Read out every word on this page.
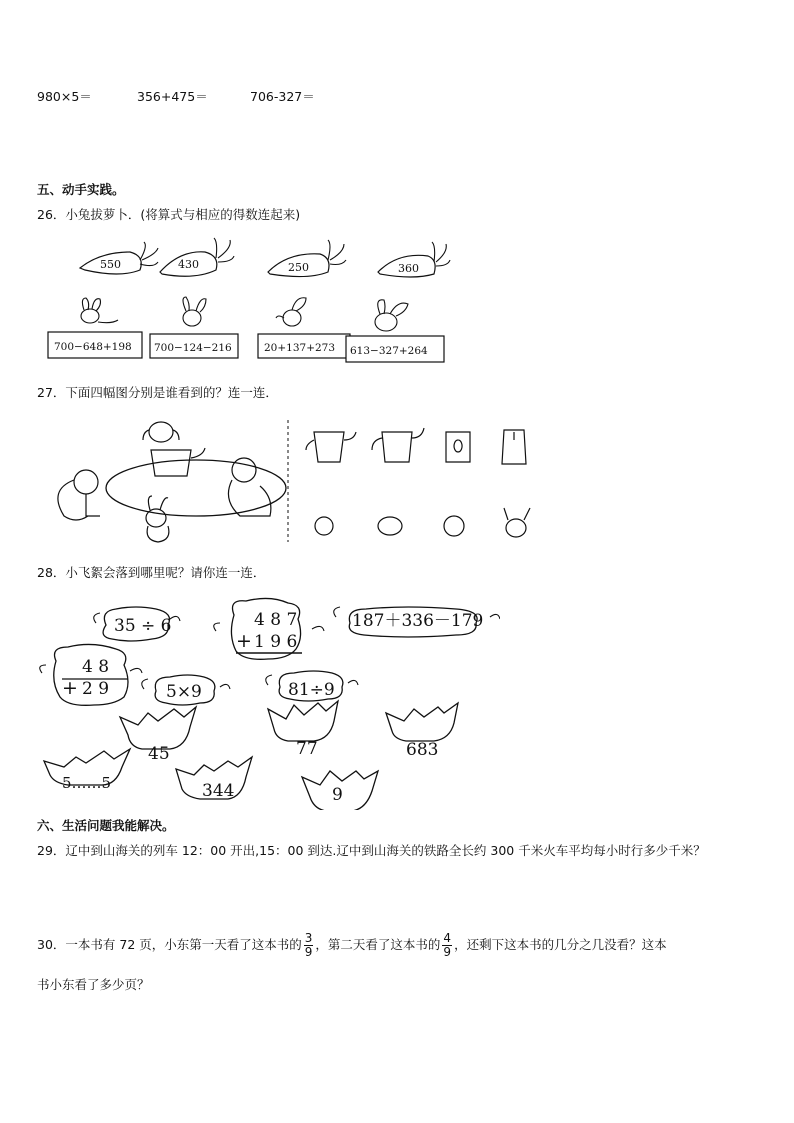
980×5＝	356+475＝	706-327＝
五、动手实践。
26．小兔拔萝卜．(将算式与相应的得数连起来)
550	430	250	360
700−648+198 700−124−216	20+137+273 613−327+264
27．下面四幅图分别是谁看到的？连一连．
28．小飞絮会落到哪里呢？请你连一连．
35 ÷ 6	4 8 7
+ 1 9 6
187＋336－179
4 8
+ 2 9	5×9	81÷9
45	77	683
5……5	344	9
六、生活问题我能解决。
29．辽中到山海关的列车 12：00 开出,15：00 到达.辽中到山海关的铁路全长约 300 千米火车平均每小时行多少千米？
30．一本书有 72 页，小东第一天看了这本书的 $\frac{3}{9}$ ，第二天看了这本书的 $\frac{4}{9}$ ，还剩下这本书的几分之几没看？这本
书小东看了多少页？
